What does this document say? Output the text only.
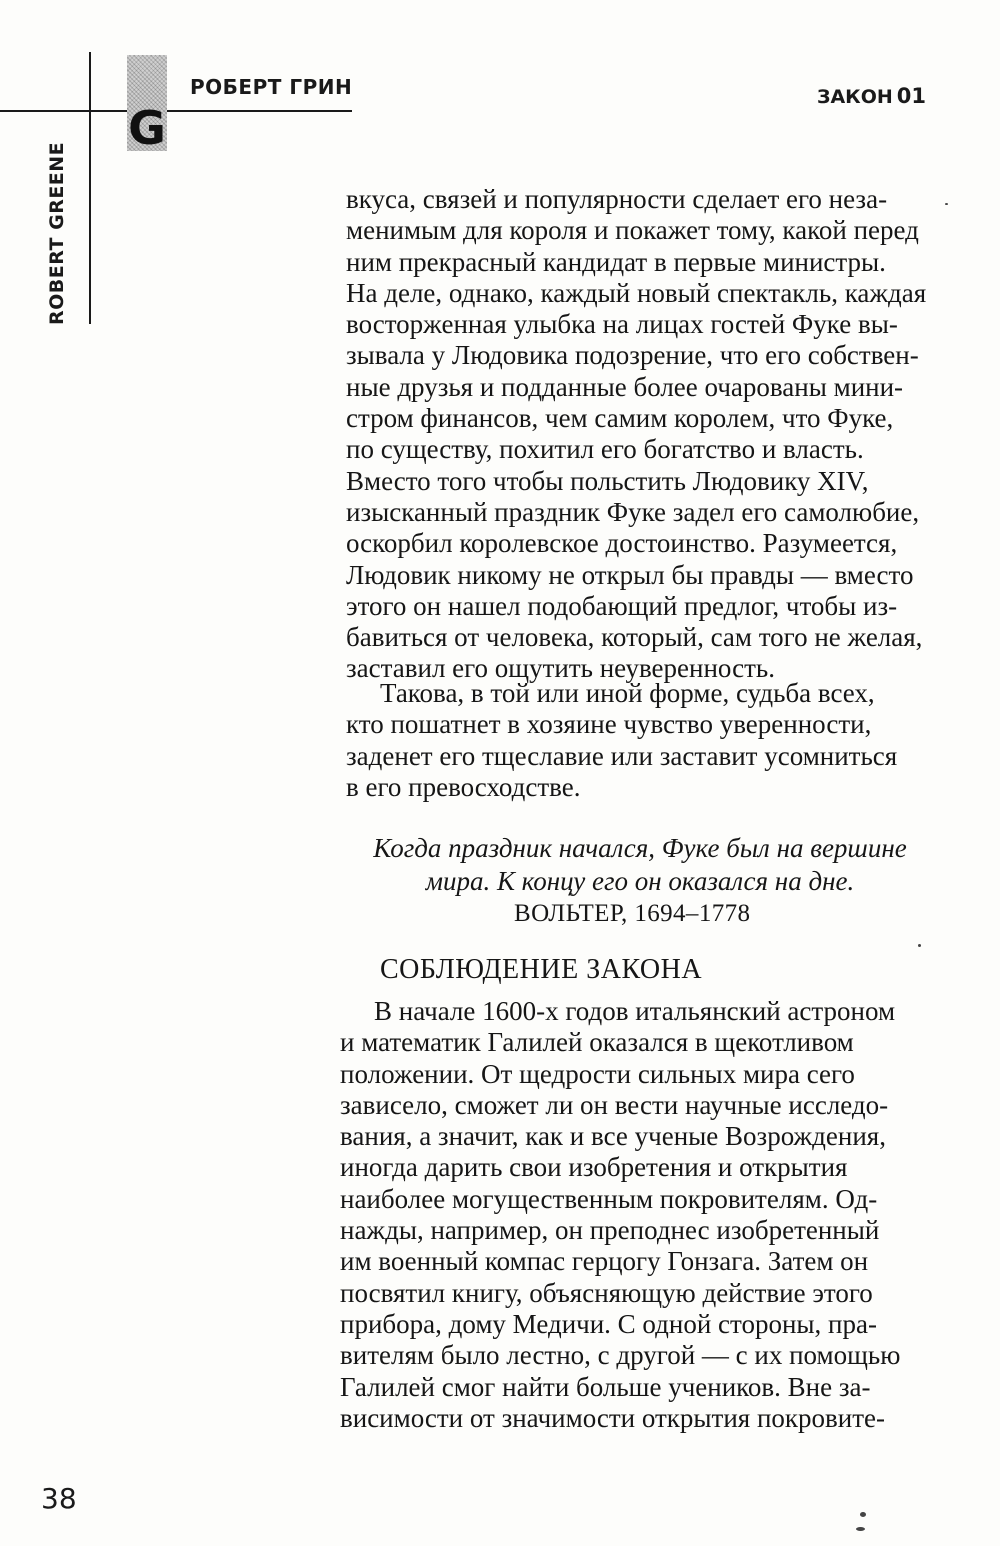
G
РОБЕРТ ГРИН	ЗАКОН 01
ROBERT GREENE	вкуса, связей и популярности сделает его неза-
менимым для короля и покажет тому, какой перед
ним прекрасный кандидат в первые министры.
На деле, однако, каждый новый спектакль, каждая
восторженная улыбка на лицах гостей Фуке вы-
зывала у Людовика подозрение, что его собствен-
ные друзья и подданные более очарованы мини-
стром финансов, чем самим королем, что Фуке,
по существу, похитил его богатство и власть.
Вместо того чтобы польстить Людовику XIV,
изысканный праздник Фуке задел его самолюбие,
оскорбил королевское достоинство. Разумеется,
Людовик никому не открыл бы правды — вместо
этого он нашел подобающий предлог, чтобы из-
бавиться от человека, который, сам того не желая,
заставил его ощутить неуверенность.
Такова, в той или иной форме, судьба всех,
кто пошатнет в хозяине чувство уверенности,
заденет его тщеславие или заставит усомниться
в его превосходстве.
Когда праздник начался, Фуке был на вершине
мира. К концу его он оказался на дне.
ВОЛЬТЕР, 1694–1778
СОБЛЮДЕНИЕ ЗАКОНА
В начале 1600-х годов итальянский астроном
и математик Галилей оказался в щекотливом
положении. От щедрости сильных мира сего
зависело, сможет ли он вести научные исследо-
вания, а значит, как и все ученые Возрождения,
иногда дарить свои изобретения и открытия
наиболее могущественным покровителям. Од-
нажды, например, он преподнес изобретенный
им военный компас герцогу Гонзага. Затем он
посвятил книгу, объясняющую действие этого
прибора, дому Медичи. С одной стороны, пра-
вителям было лестно, с другой — с их помощью
Галилей смог найти больше учеников. Вне за-
висимости от значимости открытия покровите-
38
